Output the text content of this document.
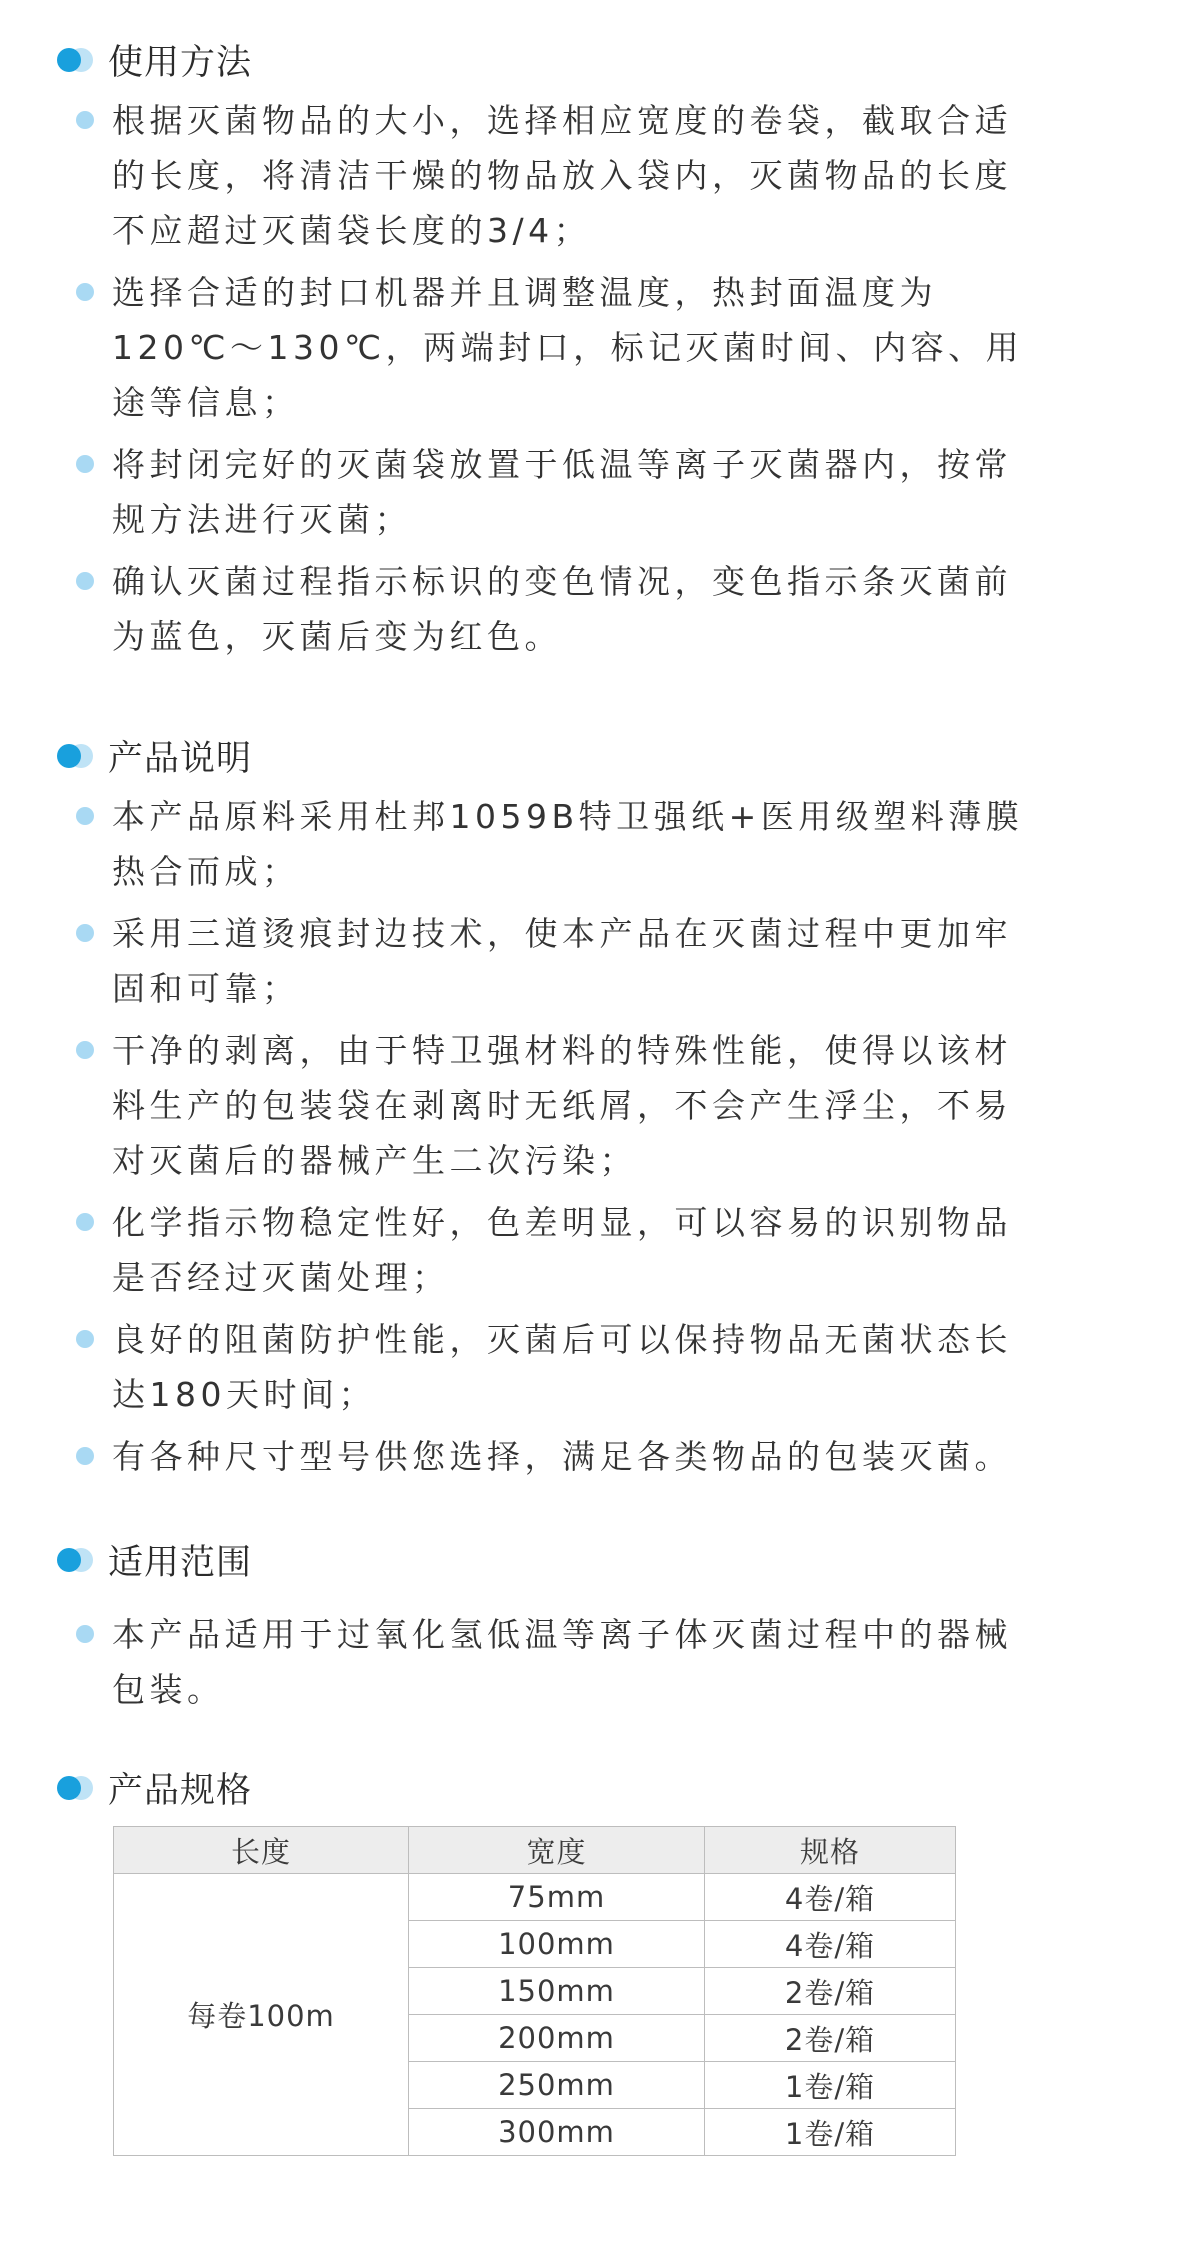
使用方法
根据灭菌物品的大小，选择相应宽度的卷袋，截取合适的长度，将清洁干燥的物品放入袋内，灭菌物品的长度不应超过灭菌袋长度的3/4；
选择合适的封口机器并且调整温度，热封面温度为120℃～130℃，两端封口，标记灭菌时间、内容、用途等信息；
将封闭完好的灭菌袋放置于低温等离子灭菌器内，按常规方法进行灭菌；
确认灭菌过程指示标识的变色情况，变色指示条灭菌前为蓝色，灭菌后变为红色。
产品说明
本产品原料采用杜邦1059B特卫强纸+医用级塑料薄膜热合而成；
采用三道烫痕封边技术，使本产品在灭菌过程中更加牢固和可靠；
干净的剥离，由于特卫强材料的特殊性能，使得以该材料生产的包装袋在剥离时无纸屑，不会产生浮尘，不易对灭菌后的器械产生二次污染；
化学指示物稳定性好，色差明显，可以容易的识别物品是否经过灭菌处理；
良好的阻菌防护性能，灭菌后可以保持物品无菌状态长达180天时间；
有各种尺寸型号供您选择，满足各类物品的包装灭菌。
适用范围
本产品适用于过氧化氢低温等离子体灭菌过程中的器械包装。
产品规格
长度	宽度	规格
每卷100m	75mm	4卷/箱
	100mm	4卷/箱
	150mm	2卷/箱
	200mm	2卷/箱
	250mm	1卷/箱
	300mm	1卷/箱
